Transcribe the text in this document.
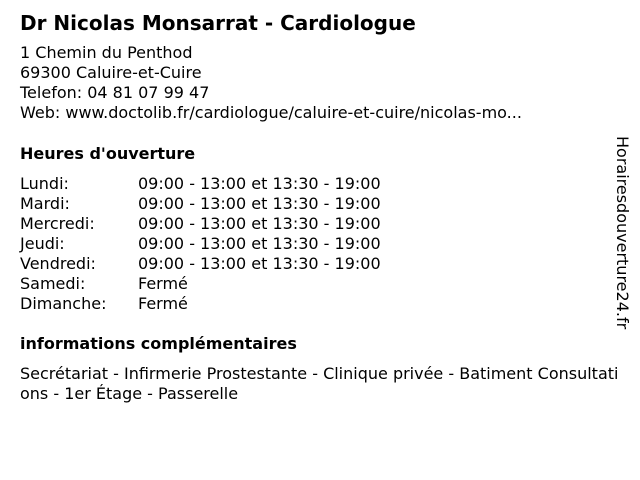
Dr Nicolas Monsarrat - Cardiologue
1 Chemin du Penthod
69300 Caluire-et-Cuire
Telefon: 04 81 07 99 47
Web: www.doctolib.fr/cardiologue/caluire-et-cuire/nicolas-mo...
Heures d'ouverture
Lundi:	09:00 - 13:00 et 13:30 - 19:00
Mardi:	09:00 - 13:00 et 13:30 - 19:00
Mercredi:	09:00 - 13:00 et 13:30 - 19:00
Jeudi:	09:00 - 13:00 et 13:30 - 19:00
Vendredi:	09:00 - 13:00 et 13:30 - 19:00
Samedi:	Fermé
Dimanche: Fermé
informations complémentaires
Secrétariat - Infirmerie Prostestante - Clinique privée - Batiment Consultations - 1er Étage - Passerelle
Horairesdouverture24.fr
